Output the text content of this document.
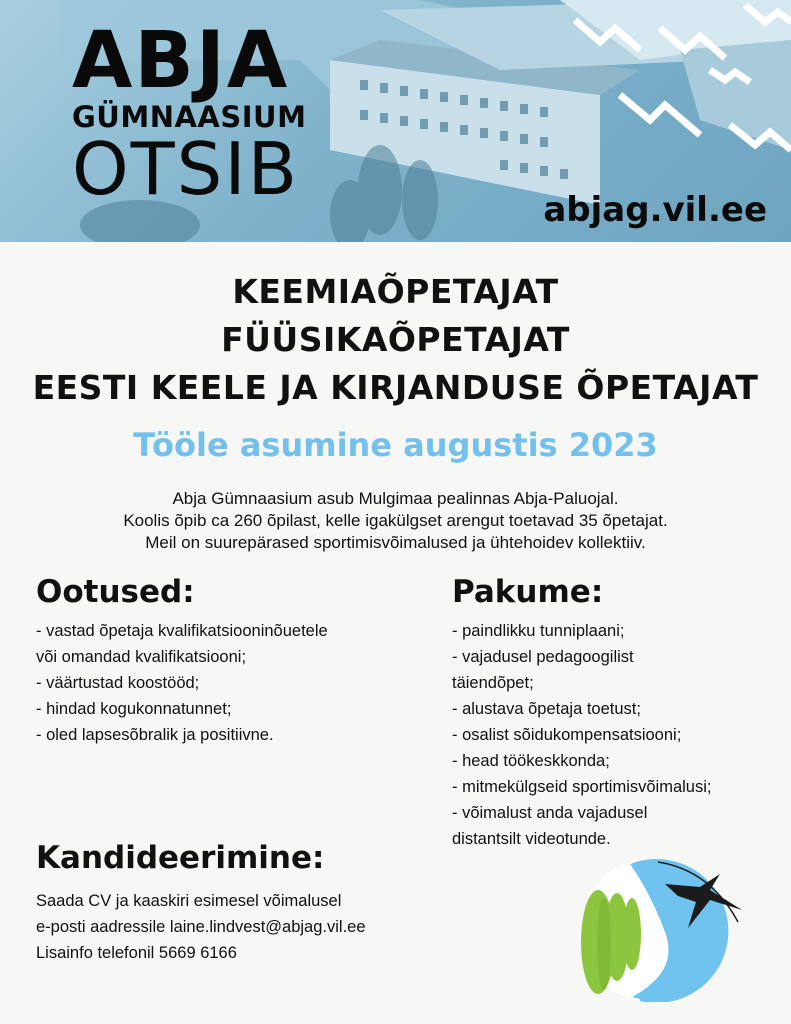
ABJA
GÜMNAASIUM
OTSIB	abjag.vil.ee
KEEMIAÕPETAJAT
FÜÜSIKAÕPETAJAT
EESTI KEELE JA KIRJANDUSE ÕPETAJAT
Tööle asumine augustis 2023
Abja Gümnaasium asub Mulgimaa pealinnas Abja-Paluojal.
Koolis õpib ca 260 õpilast, kelle igakülgset arengut toetavad 35 õpetajat.
Meil on suurepärased sportimisvõimalused ja ühtehoidev kollektiiv.
Ootused:
- vastad õpetaja kvalifikatsiooninõuetele
või omandad kvalifikatsiooni;
- väärtustad koostööd;
- hindad kogukonnatunnet;
- oled lapsesõbralik ja positiivne.
Pakume:
- paindlikku tunniplaani;
- vajadusel pedagoogilist
täiendõpet;
- alustava õpetaja toetust;
- osalist sõidukompensatsiooni;
- head töökeskkonda;
- mitmekülgseid sportimisvõimalusi;
- võimalust anda vajadusel
distantsilt videotunde.
Kandideerimine:
Saada CV ja kaaskiri esimesel võimalusel
e-posti aadressile laine.lindvest@abjag.vil.ee
Lisainfo telefonil 5669 6166
